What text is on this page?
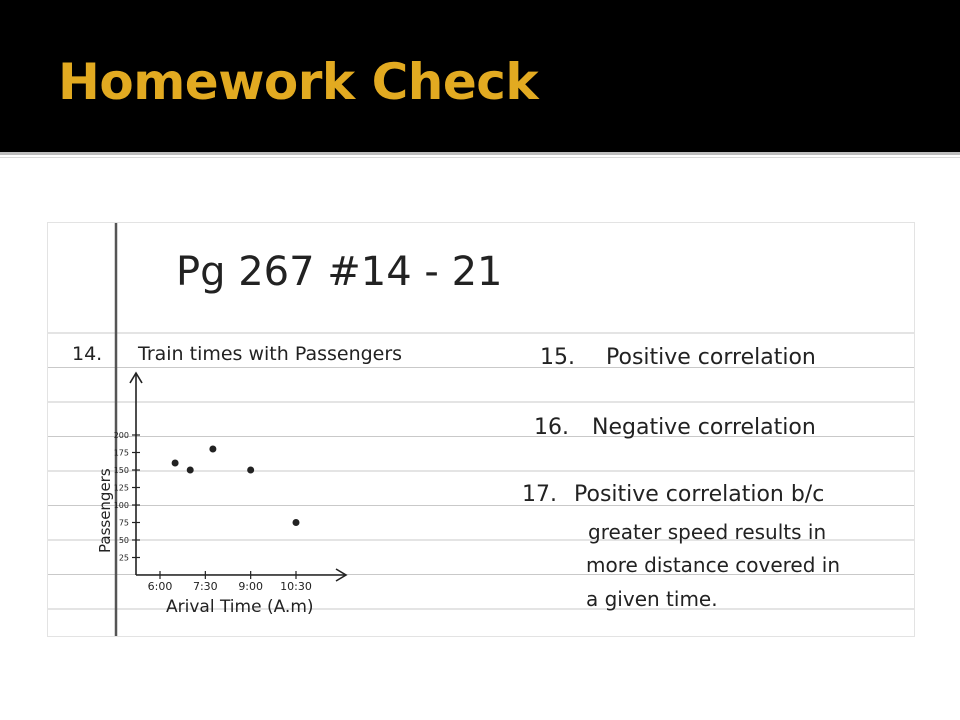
Homework Check
Pg 267 #14 - 21
14. Train times with Passengers
25
50
75
100
125
150
175
200
6:00 7:30 9:00 10:30
Passengers
Arival Time (A.m)
15. Positive correlation
16. Negative correlation
17. Positive correlation b/c
greater speed results in
more distance covered in
a given time.
